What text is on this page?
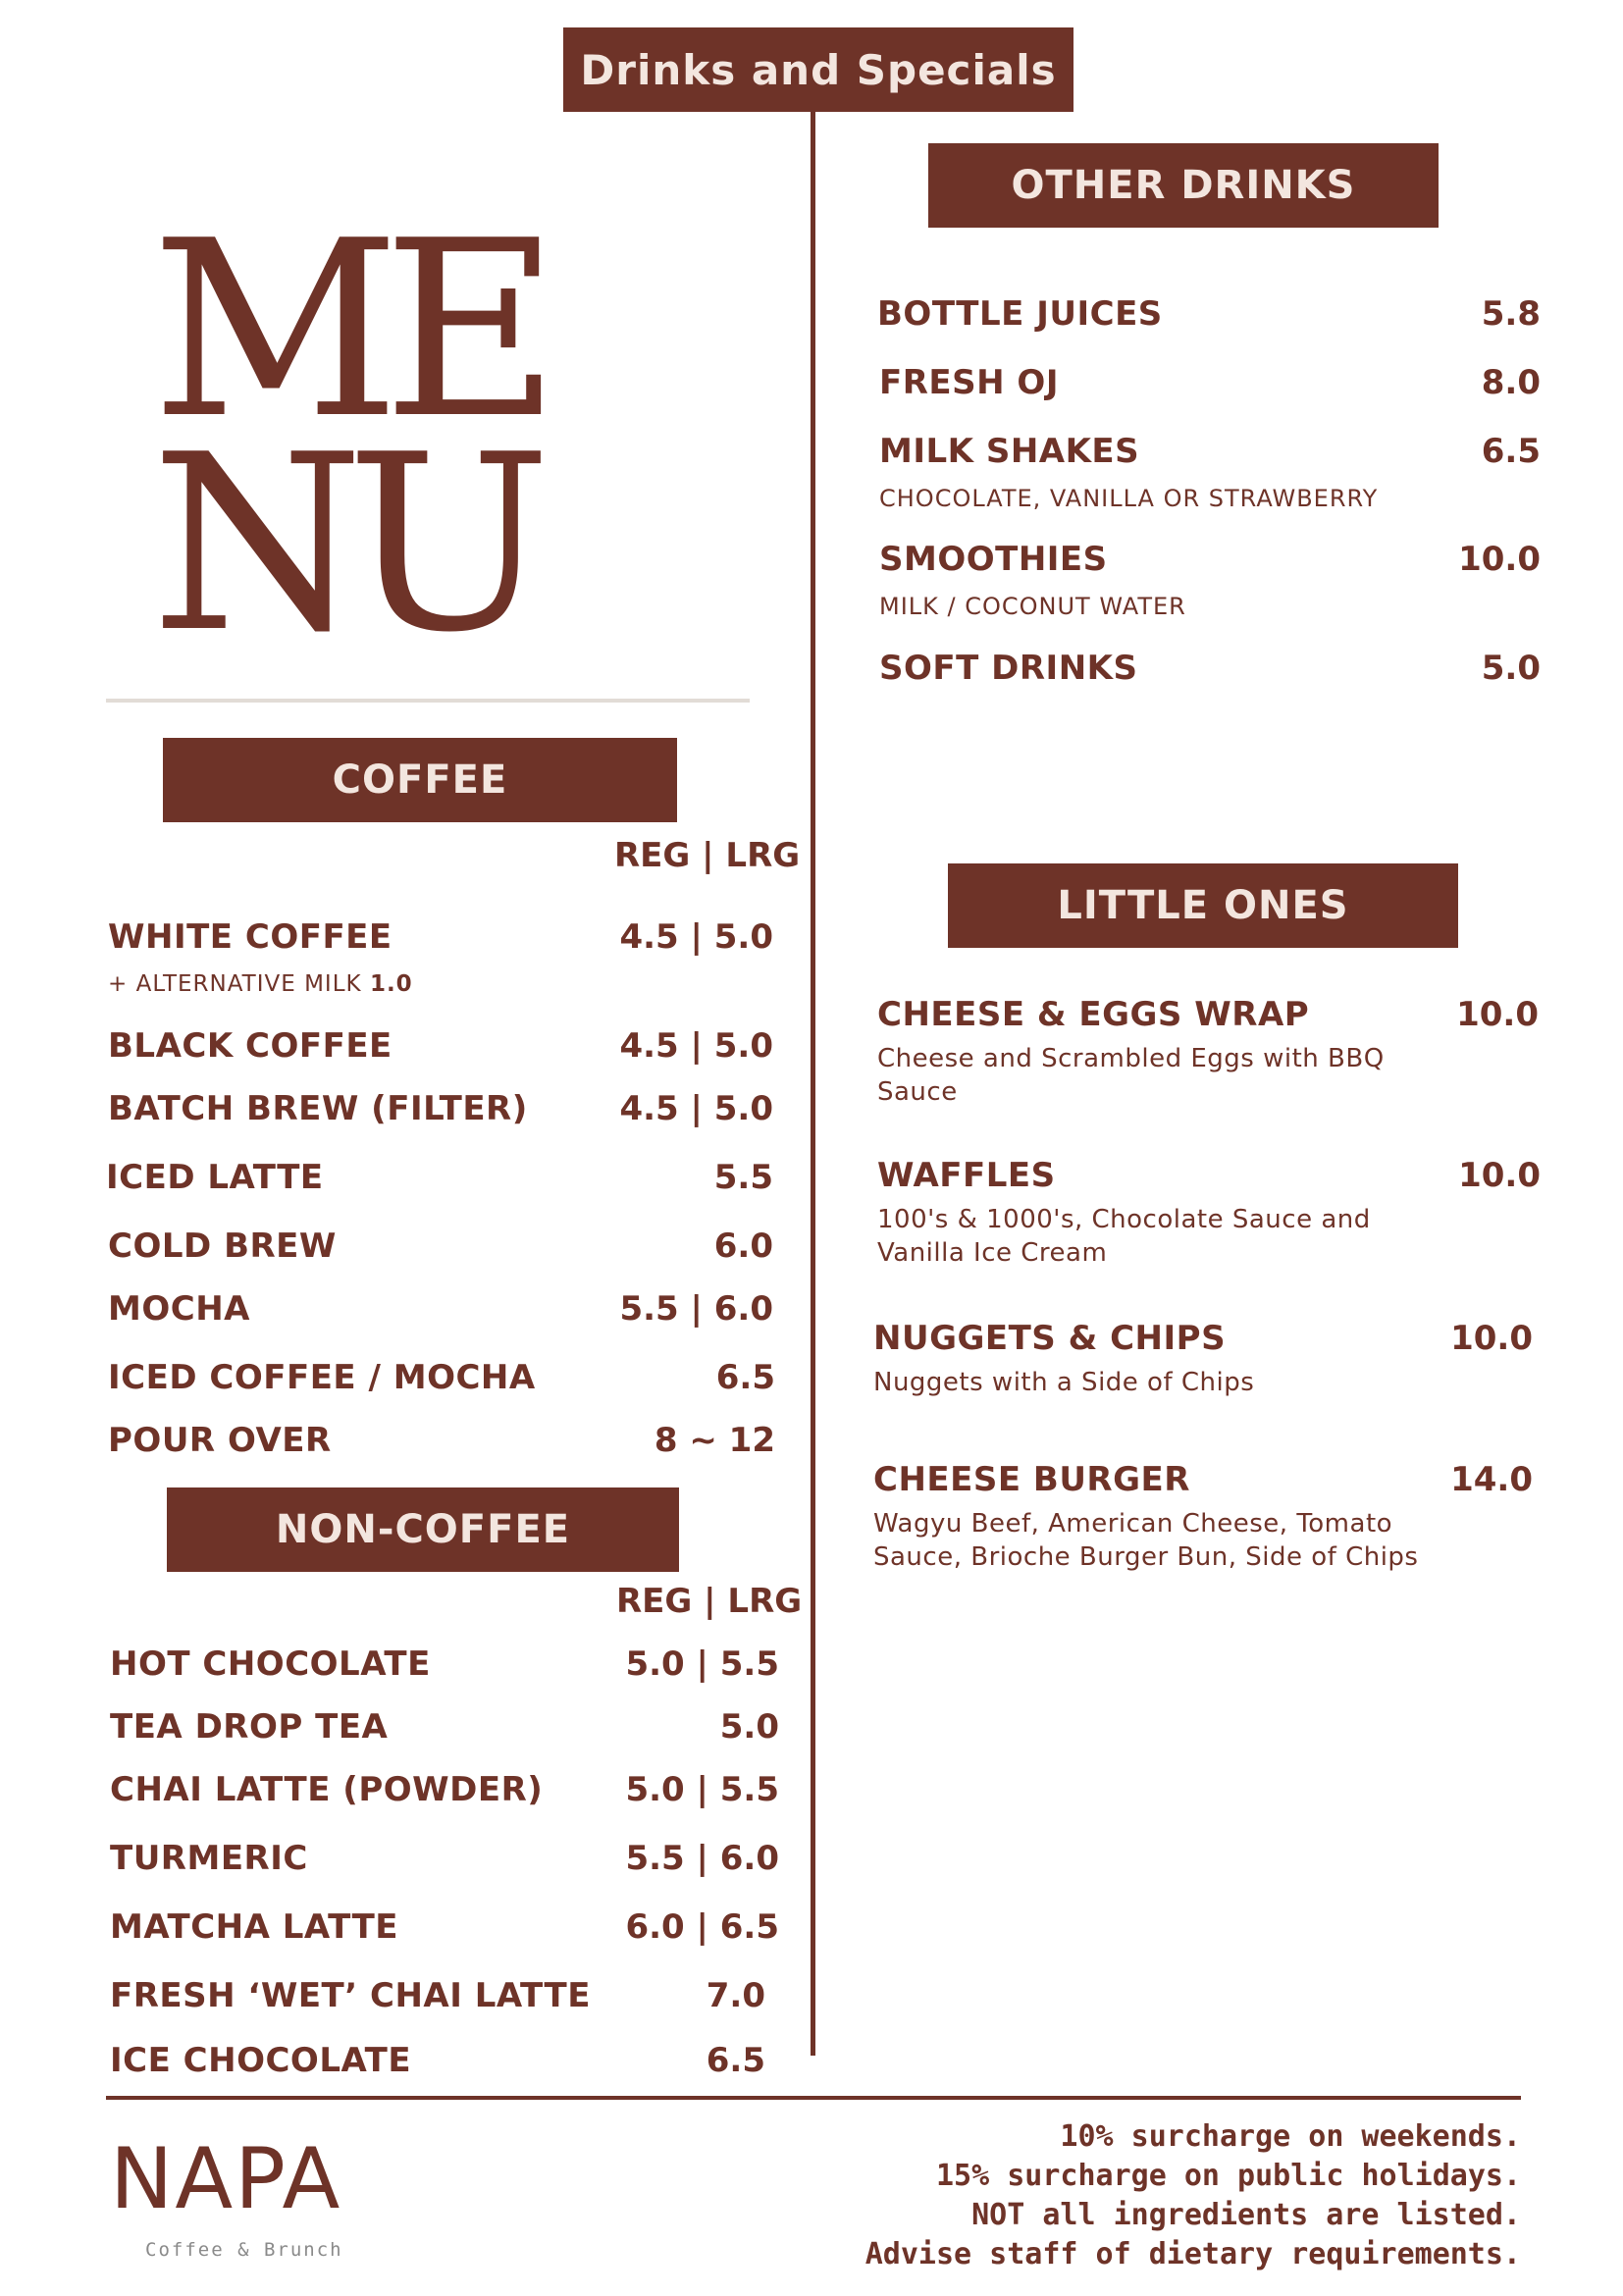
Drinks and Specials
ME
NU
COFFEE
REG | LRG
WHITE COFFEE	4.5 | 5.0
+ ALTERNATIVE MILK 1.0
BLACK COFFEE	4.5 | 5.0
BATCH BREW (FILTER)	4.5 | 5.0
ICED LATTE	5.5
COLD BREW	6.0
MOCHA	5.5 | 6.0
ICED COFFEE / MOCHA	6.5
POUR OVER	8 ~ 12
NON-COFFEE
REG | LRG
HOT CHOCOLATE	5.0 | 5.5
TEA DROP TEA	5.0
CHAI LATTE (POWDER) 5.0 | 5.5
TURMERIC	5.5 | 6.0
MATCHA LATTE	6.0 | 6.5
FRESH ‘WET’ CHAI LATTE	7.0
ICE CHOCOLATE	6.5
OTHER DRINKS
BOTTLE JUICES	5.8
FRESH OJ	8.0
MILK SHAKES	6.5
CHOCOLATE, VANILLA OR STRAWBERRY
SMOOTHIES	10.0
MILK / COCONUT WATER
SOFT DRINKS	5.0
LITTLE ONES
CHEESE & EGGS WRAP	10.0
Cheese and Scrambled Eggs with BBQ
Sauce
WAFFLES	10.0
100's & 1000's, Chocolate Sauce and
Vanilla Ice Cream
NUGGETS & CHIPS	10.0
Nuggets with a Side of Chips
CHEESE BURGER	14.0
Wagyu Beef, American Cheese, Tomato
Sauce, Brioche Burger Bun, Side of Chips
NAPA
Coffee & Brunch
10% surcharge on weekends.
15% surcharge on public holidays.
NOT all ingredients are listed.
Advise staff of dietary requirements.
